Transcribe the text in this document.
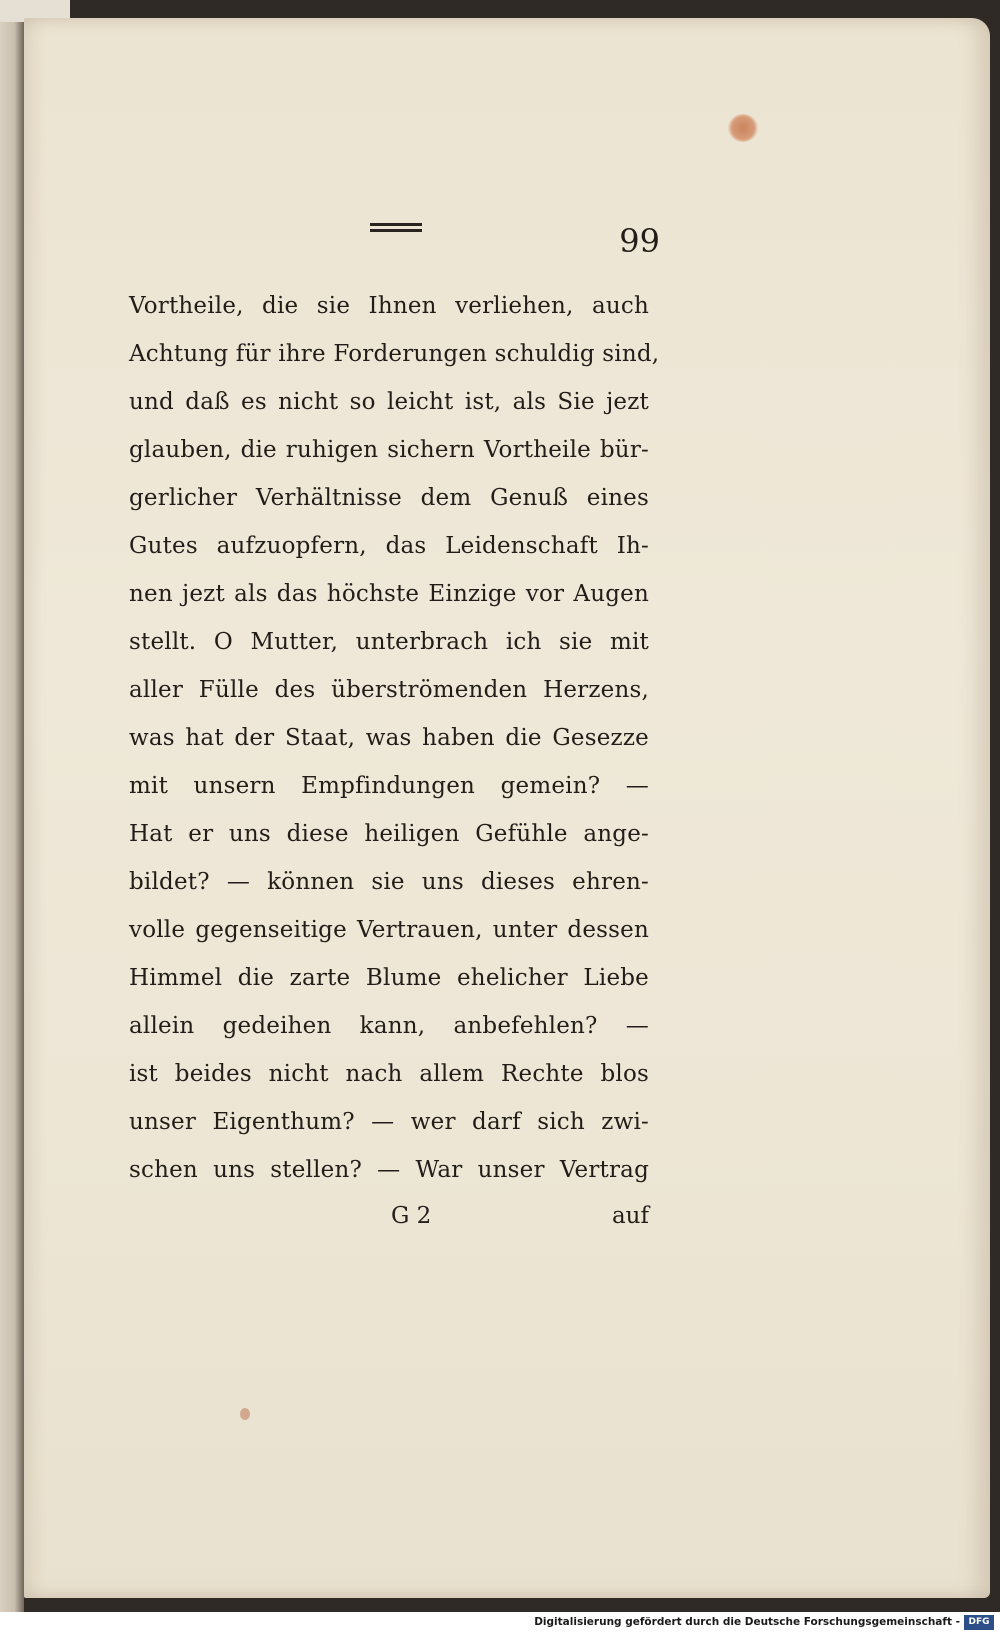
99
Vortheile, die sie Ihnen verliehen, auch
Achtung für ihre Forderungen schuldig sind,
und daß es nicht so leicht ist, als Sie jezt
glauben, die ruhigen sichern Vortheile bür-
gerlicher Verhältnisse dem Genuß eines
Gutes aufzuopfern, das Leidenschaft Ih-
nen jezt als das höchste Einzige vor Augen
stellt. O Mutter, unterbrach ich sie mit
aller Fülle des überströmenden Herzens,
was hat der Staat, was haben die Gesezze
mit unsern Empfindungen gemein? —
Hat er uns diese heiligen Gefühle ange-
bildet? — können sie uns dieses ehren-
volle gegenseitige Vertrauen, unter dessen
Himmel die zarte Blume ehelicher Liebe
allein gedeihen kann, anbefehlen? —
ist beides nicht nach allem Rechte blos
unser Eigenthum? — wer darf sich zwi-
schen uns stellen? — War unser Vertrag
G 2	auf
Digitalisierung gefördert durch die Deutsche Forschungsgemeinschaft - DFG
